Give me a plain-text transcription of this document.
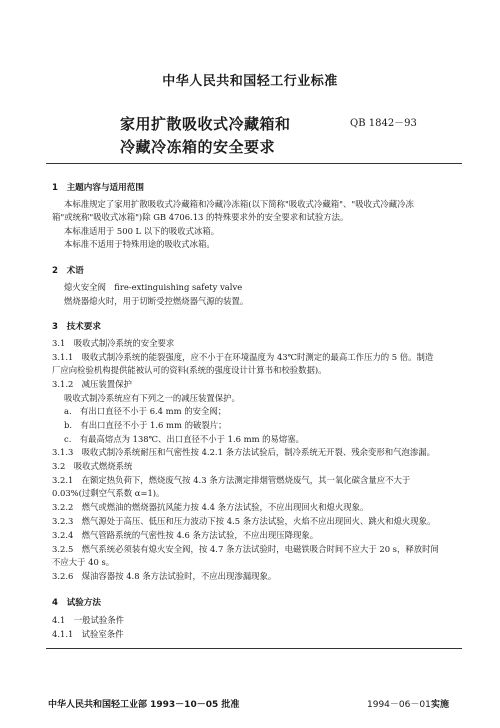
中华人民共和国轻工行业标准
家用扩散吸收式冷藏箱和
冷藏冷冻箱的安全要求
QB 1842－93
1　主题内容与适用范围
本标准规定了家用扩散吸收式冷藏箱和冷藏冷冻箱(以下简称"吸收式冷藏箱"、"吸收式冷藏冷冻
箱"或统称"吸收式冰箱")除 GB 4706.13 的特殊要求外的安全要求和试验方法。
本标准适用于 500 L 以下的吸收式冰箱。
本标准不适用于特殊用途的吸收式冰箱。
2　术语
熄火安全阀　fire-extinguishing safety valve
燃烧器熄火时，用于切断受控燃烧器气源的装置。
3　技术要求
3.1　吸收式制冷系统的安全要求
3.1.1　吸收式制冷系统的能裂强度，应不小于在环境温度为 43℃时测定的最高工作压力的 5 倍。制造
厂应向检验机构提供能被认可的资料(系统的强度设计计算书和校验数据)。
3.1.2　减压装置保护
吸收式制冷系统应有下列之一的减压装置保护。
a.　有出口直径不小于 6.4 mm 的安全阀；
b.　有出口直径不小于 1.6 mm 的破裂片；
c.　有最高熔点为 138℃、出口直径不小于 1.6 mm 的易熔塞。
3.1.3　吸收式制冷系统耐压和气密性按 4.2.1 条方法试验后，制冷系统无开裂、残余变形和气泡渗漏。
3.2　吸收式燃烧系统
3.2.1　在额定热负荷下，燃烧废气按 4.3 条方法测定排烟管燃烧废气，其一氧化碳含量应不大于
0.03%(过剩空气系数 α=1)。
3.2.2　燃气或燃油的燃烧器抗风能力按 4.4 条方法试验，不应出现回火和熄火现象。
3.2.3　燃气源处于高压、低压和压力波动下按 4.5 条方法试验，火焰不应出现回火、跳火和熄火现象。
3.2.4　燃气管路系统的气密性按 4.6 条方法试验，不应出现压降现象。
3.2.5　燃气系统必须装有熄火安全阀，按 4.7 条方法试验时，电磁铁吸合时间不应大于 20 s，释放时间
不应大于 40 s。
3.2.6　煤油容器按 4.8 条方法试验时，不应出现渗漏现象。
4　试验方法
4.1　一般试验条件
4.1.1　试验室条件
中华人民共和国轻工业部 1993－10－05 批准	1994－06－01 实施
